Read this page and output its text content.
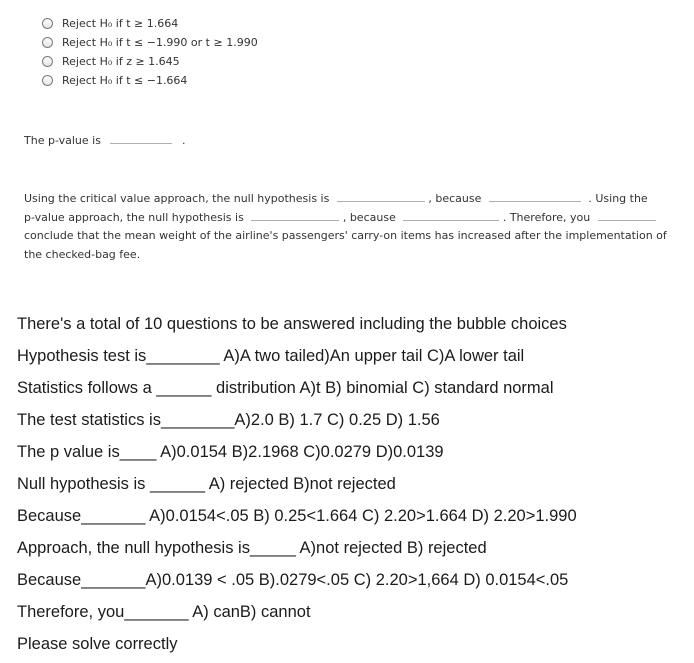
Reject H₀ if t ≥ 1.664
Reject H₀ if t ≤ −1.990 or t ≥ 1.990
Reject H₀ if z ≥ 1.645
Reject H₀ if t ≤ −1.664
The p-value is	.
Using the critical value approach, the null hypothesis is	, because	. Using the
p-value approach, the null hypothesis is	, because	. Therefore, you
conclude that the mean weight of the airline's passengers' carry-on items has increased after the implementation of
the checked-bag fee.
There's a total of 10 questions to be answered including the bubble choices
Hypothesis test is________ A)A two tailed)An upper tail C)A lower tail
Statistics follows a ______ distribution A)t B) binomial C) standard normal
The test statistics is________A)2.0 B) 1.7 C) 0.25 D) 1.56
The p value is____ A)0.0154 B)2.1968 C)0.0279 D)0.0139
Null hypothesis is ______ A) rejected B)not rejected
Because_______ A)0.0154<.05 B) 0.25<1.664 C) 2.20>1.664 D) 2.20>1.990
Approach, the null hypothesis is_____ A)not rejected B) rejected
Because_______A)0.0139 < .05 B).0279<.05 C) 2.20>1,664 D) 0.0154<.05
Therefore, you_______ A) canB) cannot
Please solve correctly
